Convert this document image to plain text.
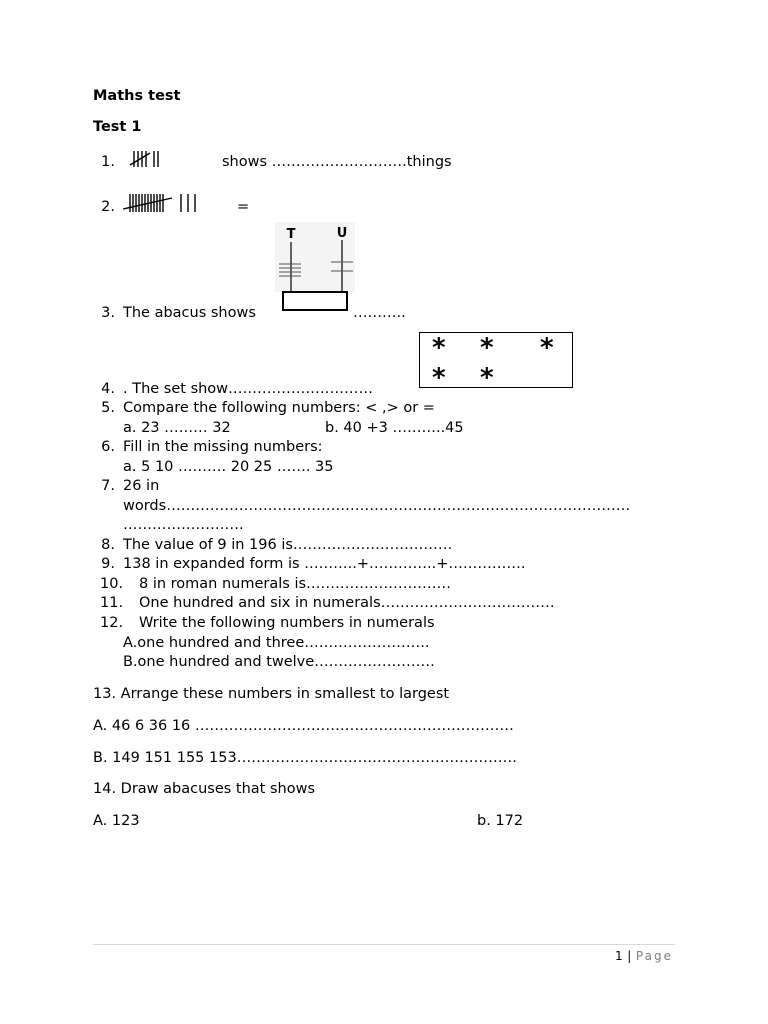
Maths test
Test 1
1.	shows ……………………….things
2.	=
T	U
3. The abacus shows	………..
* * *
* *
4. . The set show…………………………
5. Compare the following numbers: < ,> or =
a. 23 ……… 32	b. 40 +3 ………..45
6. Fill in the missing numbers:
a. 5 10 ………. 20 25 ……. 35
7. 26 in
words……………………………………………………………………………………
…………………….
8. The value of 9 in 196 is……………………………
9. 138 in expanded form is ………..+…………..+…………….
10. 8 in roman numerals is…………………………
11. One hundred and six in numerals………………………………
12. Write the following numbers in numerals
A.one hundred and three……………………..
B.one hundred and twelve…………………….
13. Arrange these numbers in smallest to largest
A. 46 6 36 16 …………………………………………………………
B. 149 151 155 153………………………………………………….
14. Draw abacuses that shows
A. 123	b. 172
1 | Page
